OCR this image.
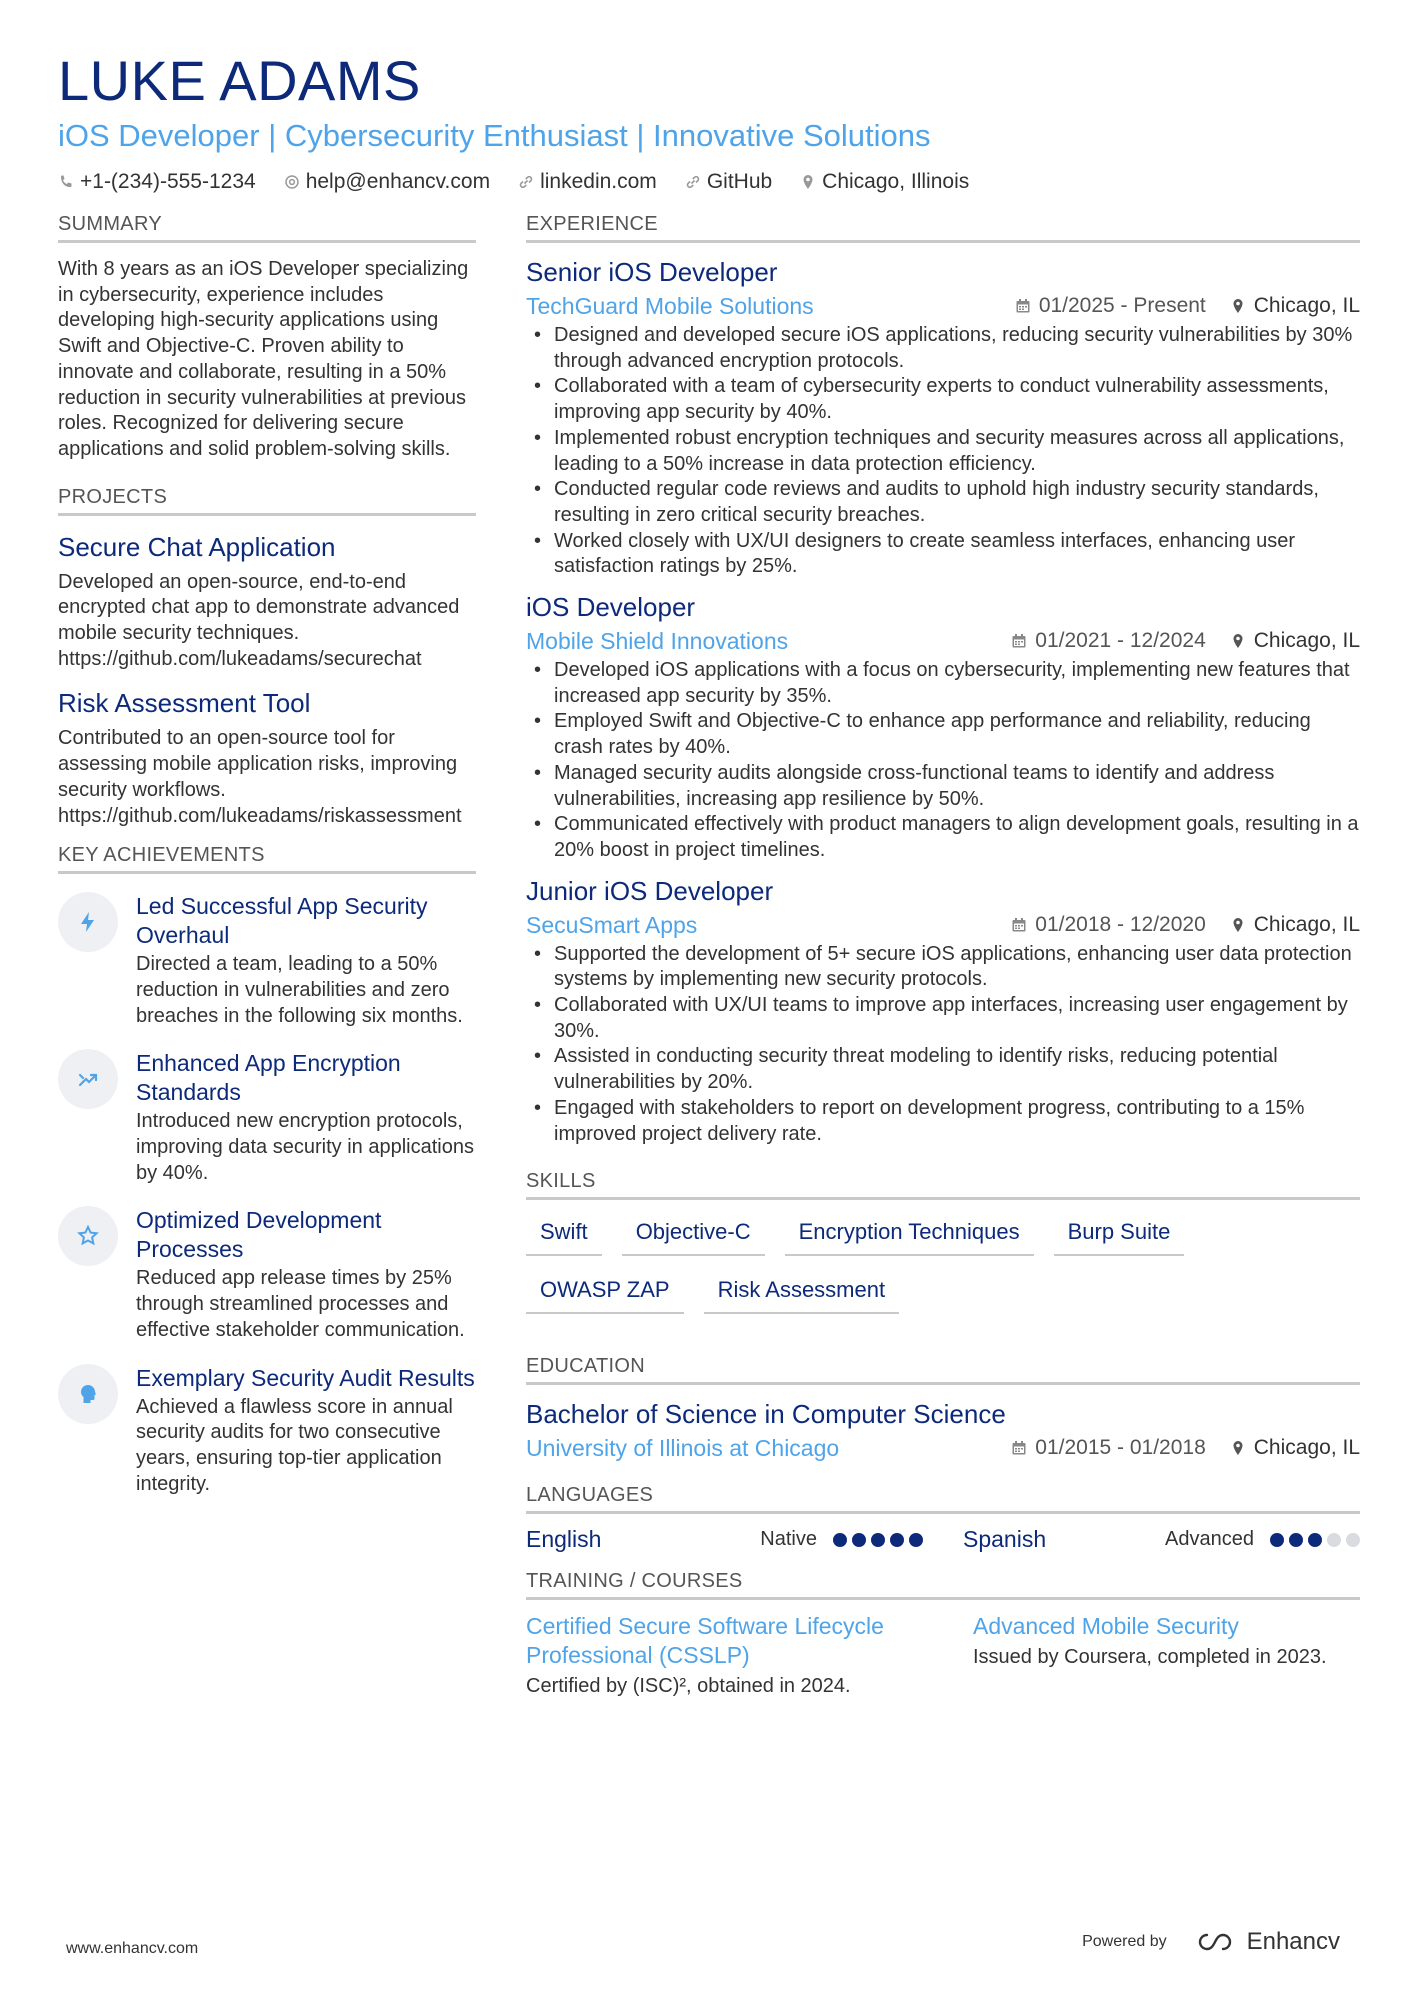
LUKE ADAMS
iOS Developer | Cybersecurity Enthusiast | Innovative Solutions
+1-(234)-555-1234 help@enhancv.com linkedin.com GitHub Chicago, Illinois
SUMMARY
With 8 years as an iOS Developer specializing in cybersecurity, experience includes developing high-security applications using Swift and Objective-C. Proven ability to innovate and collaborate, resulting in a 50% reduction in security vulnerabilities at previous roles. Recognized for delivering secure applications and solid problem-solving skills.
PROJECTS
Secure Chat Application
Developed an open-source, end-to-end encrypted chat app to demonstrate advanced mobile security techniques.
https://github.com/lukeadams/securechat
Risk Assessment Tool
Contributed to an open-source tool for assessing mobile application risks, improving security workflows.
https://github.com/lukeadams/riskassessment
KEY ACHIEVEMENTS
Led Successful App Security Overhaul
Directed a team, leading to a 50% reduction in vulnerabilities and zero breaches in the following six months.
Enhanced App Encryption Standards
Introduced new encryption protocols, improving data security in applications by 40%.
Optimized Development Processes
Reduced app release times by 25% through streamlined processes and effective stakeholder communication.
Exemplary Security Audit Results
Achieved a flawless score in annual security audits for two consecutive years, ensuring top-tier application integrity.
EXPERIENCE
Senior iOS Developer
TechGuard Mobile Solutions	01/2025 - Present Chicago, IL
• Designed and developed secure iOS applications, reducing security vulnerabilities by 30% through advanced encryption protocols.
• Collaborated with a team of cybersecurity experts to conduct vulnerability assessments, improving app security by 40%.
• Implemented robust encryption techniques and security measures across all applications, leading to a 50% increase in data protection efficiency.
• Conducted regular code reviews and audits to uphold high industry security standards, resulting in zero critical security breaches.
• Worked closely with UX/UI designers to create seamless interfaces, enhancing user satisfaction ratings by 25%.
iOS Developer
Mobile Shield Innovations	01/2021 - 12/2024 Chicago, IL
• Developed iOS applications with a focus on cybersecurity, implementing new features that increased app security by 35%.
• Employed Swift and Objective-C to enhance app performance and reliability, reducing crash rates by 40%.
• Managed security audits alongside cross-functional teams to identify and address vulnerabilities, increasing app resilience by 50%.
• Communicated effectively with product managers to align development goals, resulting in a 20% boost in project timelines.
Junior iOS Developer
SecuSmart Apps	01/2018 - 12/2020 Chicago, IL
• Supported the development of 5+ secure iOS applications, enhancing user data protection systems by implementing new security protocols.
• Collaborated with UX/UI teams to improve app interfaces, increasing user engagement by 30%.
• Assisted in conducting security threat modeling to identify risks, reducing potential vulnerabilities by 20%.
• Engaged with stakeholders to report on development progress, contributing to a 15% improved project delivery rate.
SKILLS
Swift	Objective-C	Encryption Techniques	Burp Suite
OWASP ZAP	Risk Assessment
EDUCATION
Bachelor of Science in Computer Science
University of Illinois at Chicago	01/2015 - 01/2018 Chicago, IL
LANGUAGES
English	Native	Spanish	Advanced
TRAINING / COURSES
Certified Secure Software Lifecycle Professional (CSSLP)
Certified by (ISC)², obtained in 2024.
Advanced Mobile Security
Issued by Coursera, completed in 2023.
www.enhancv.com	Powered by	Enhancv
